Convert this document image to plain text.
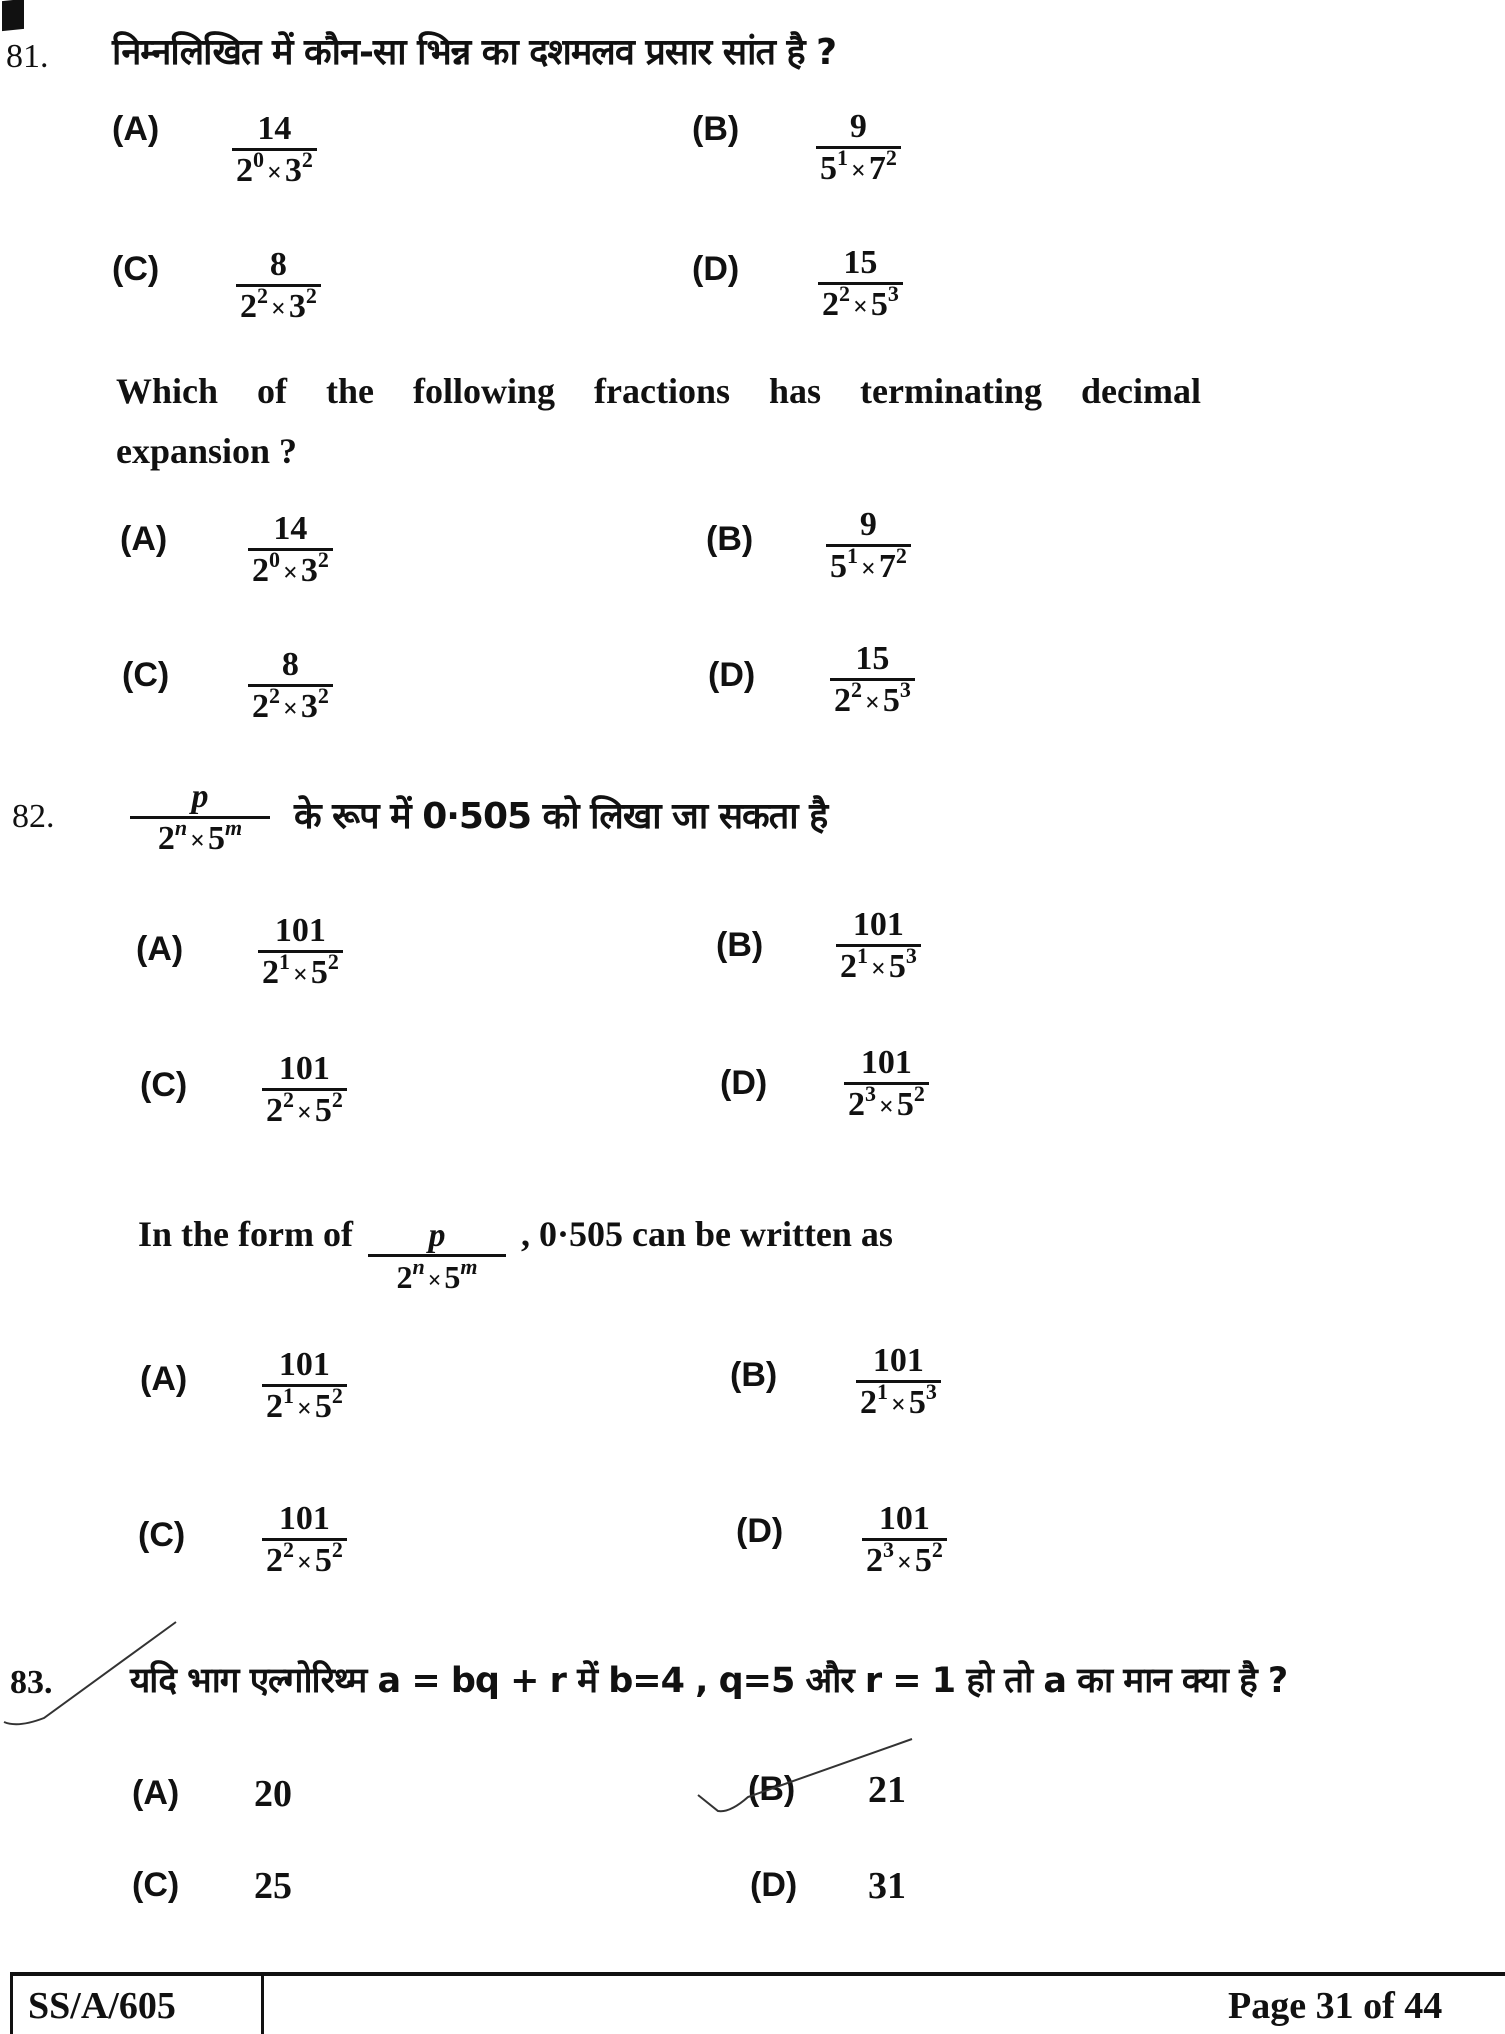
81. निम्नलिखित में कौन-सा भिन्न का दशमलव प्रसार सांत है ?
(A)	14
$2^0 \times 3^2$
(B)	9
$5^1 \times 7^2$
(C)	8
$2^2 \times 3^2$
(D)	15
$2^2 \times 5^3$
Which of the following fractions has terminating decimal
expansion ?
(A)	14
$2^0 \times 3^2$
(B)	9
$5^1 \times 7^2$
(C)	8
$2^2 \times 3^2$
(D)	15
$2^2 \times 5^3$
82.
p
$2^n \times 5^m$ के रूप में 0·505 को लिखा जा सकता है
(A)	101
$2^1 \times 5^2$	(B)
101
$2^1 \times 5^3$
(C)	101
$2^2 \times 5^2$	(D)
101
$2^3 \times 5^2$
In the form of $\frac{p}{2^n\times 5^m}$ , 0·505 can be written as
(A)	101
$2^1 \times 5^2$
(B)	101
$2^1 \times 5^3$
(C)	101
$2^2 \times 5^2$	(D)	101
$2^3 \times 5^2$
83. यदि भाग एल्गोरिथ्म a = bq + r में b=4 , q=5 और r = 1 हो तो a का मान क्या है ?
(A) 20	(B) 21
(C) 25	(D) 31
SS/A/605	Page 31 of 44
